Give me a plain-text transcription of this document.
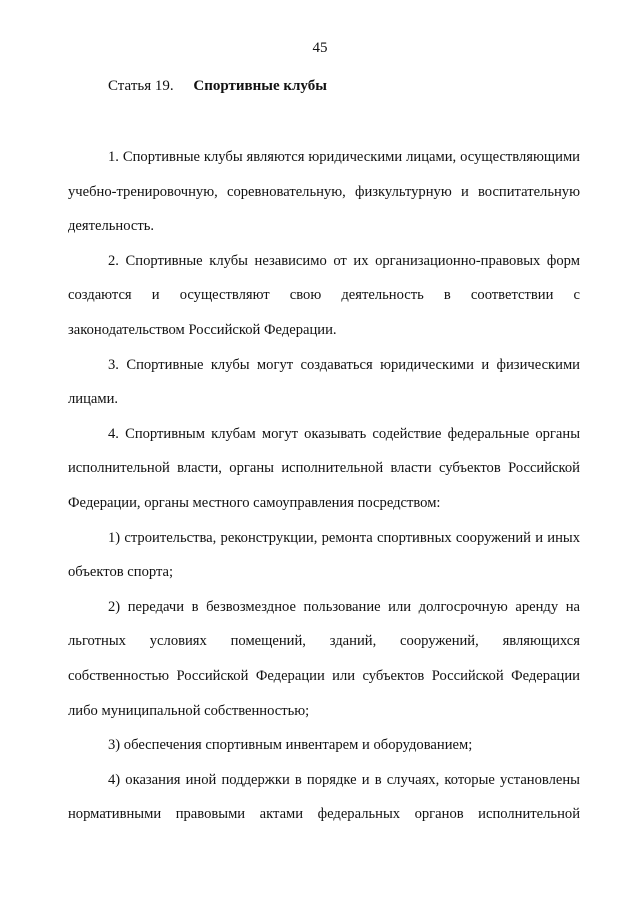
45
Статья 19. Спортивные клубы

1. Спортивные клубы являются юридическими лицами, осуществляющими учебно-тренировочную, соревновательную, физкультурную и воспитательную деятельность.

2. Спортивные клубы независимо от их организационно-правовых форм создаются и осуществляют свою деятельность в соответствии с законодательством Российской Федерации.

3. Спортивные клубы могут создаваться юридическими и физическими лицами.

4. Спортивным клубам могут оказывать содействие федеральные органы исполнительной власти, органы исполнительной власти субъектов Российской Федерации, органы местного самоуправления посредством:

1) строительства, реконструкции, ремонта спортивных сооружений и иных объектов спорта;

2) передачи в безвозмездное пользование или долгосрочную аренду на льготных условиях помещений, зданий, сооружений, являющихся собственностью Российской Федерации или субъектов Российской Федерации либо муниципальной собственностью;

3) обеспечения спортивным инвентарем и оборудованием;

4) оказания иной поддержки в порядке и в случаях, которые установлены нормативными правовыми актами федеральных органов исполнительной
